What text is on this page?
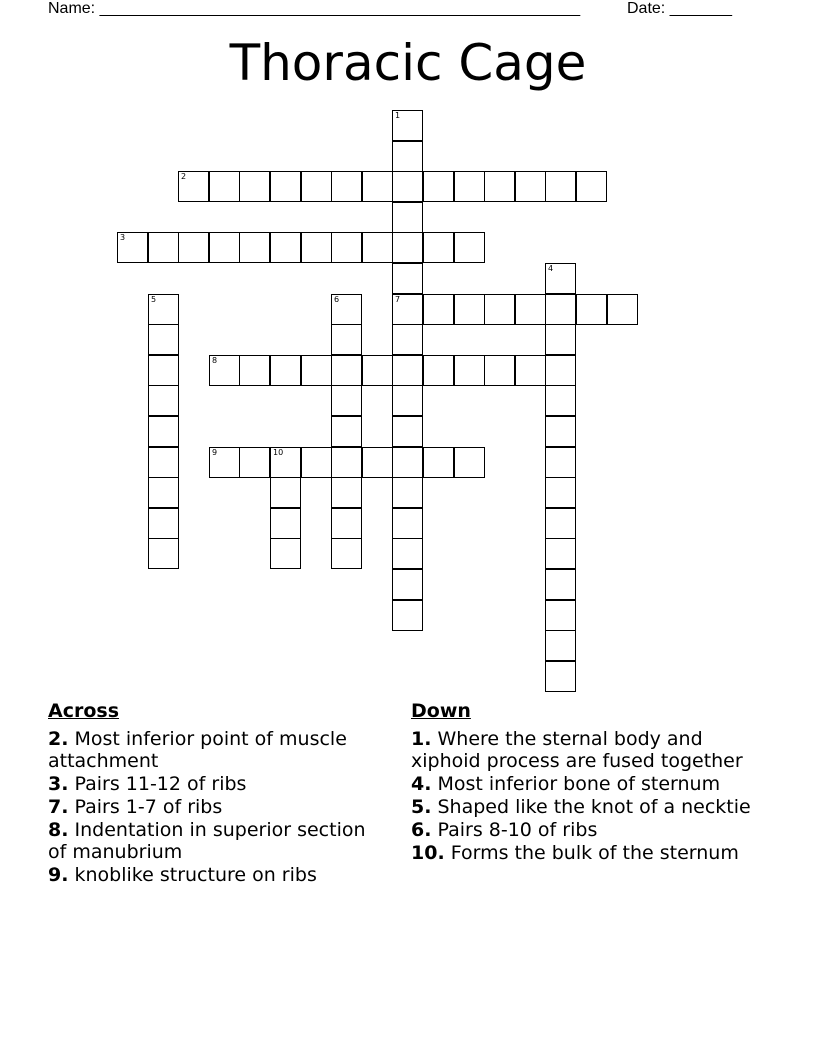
Name: ______________________________________________________	Date: _______
Thoracic Cage
1
7
2
3
4
5	6
8
9	10
Across
2. Most inferior point of muscle attachment
3. Pairs 11-12 of ribs
7. Pairs 1-7 of ribs
8. Indentation in superior section of manubrium
9. knoblike structure on ribs
Down
1. Where the sternal body and xiphoid process are fused together
4. Most inferior bone of sternum
5. Shaped like the knot of a necktie
6. Pairs 8-10 of ribs
10. Forms the bulk of the sternum
